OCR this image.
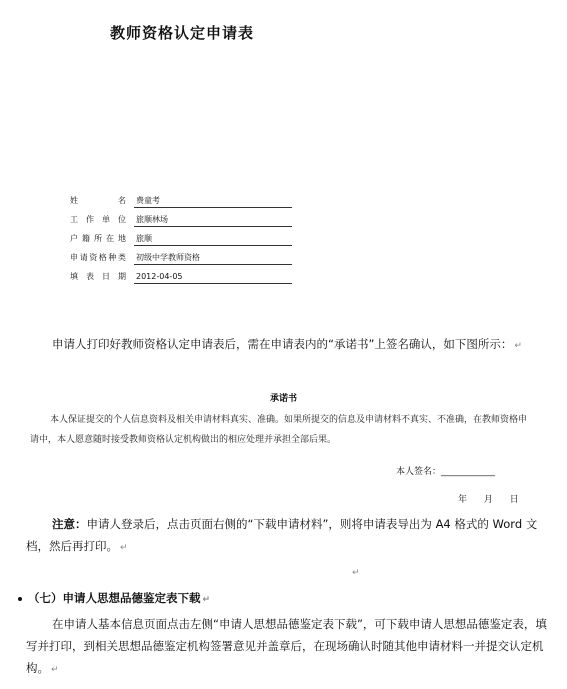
教师资格认定申请表
姓名 费童考
工作单位 旅顺林场
户籍所在地 旅顺
申请资格种类 初级中学教师资格
填表日期 2012-04-05
申请人打印好教师资格认定申请表后，需在申请表内的“承诺书”上签名确认，如下图所示： ↵
承诺书
本人保证提交的个人信息资料及相关申请材料真实、准确。如果所提交的信息及申请材料不真实、不准确，在教师资格申请中，本人愿意随时接受教师资格认定机构做出的相应处理并承担全部后果。
本人签名：____________
年 月 日
注意：申请人登录后，点击页面右侧的“下载申请材料”，则将申请表导出为 A4 格式的 Word 文档，然后再打印。 ↵
↵
（七）申请人思想品德鉴定表下载 ↵
在申请人基本信息页面点击左侧“申请人思想品德鉴定表下载”，可下载申请人思想品德鉴定表，填写并打印，到相关思想品德鉴定机构签署意见并盖章后，在现场确认时随其他申请材料一并提交认定机构。 ↵
